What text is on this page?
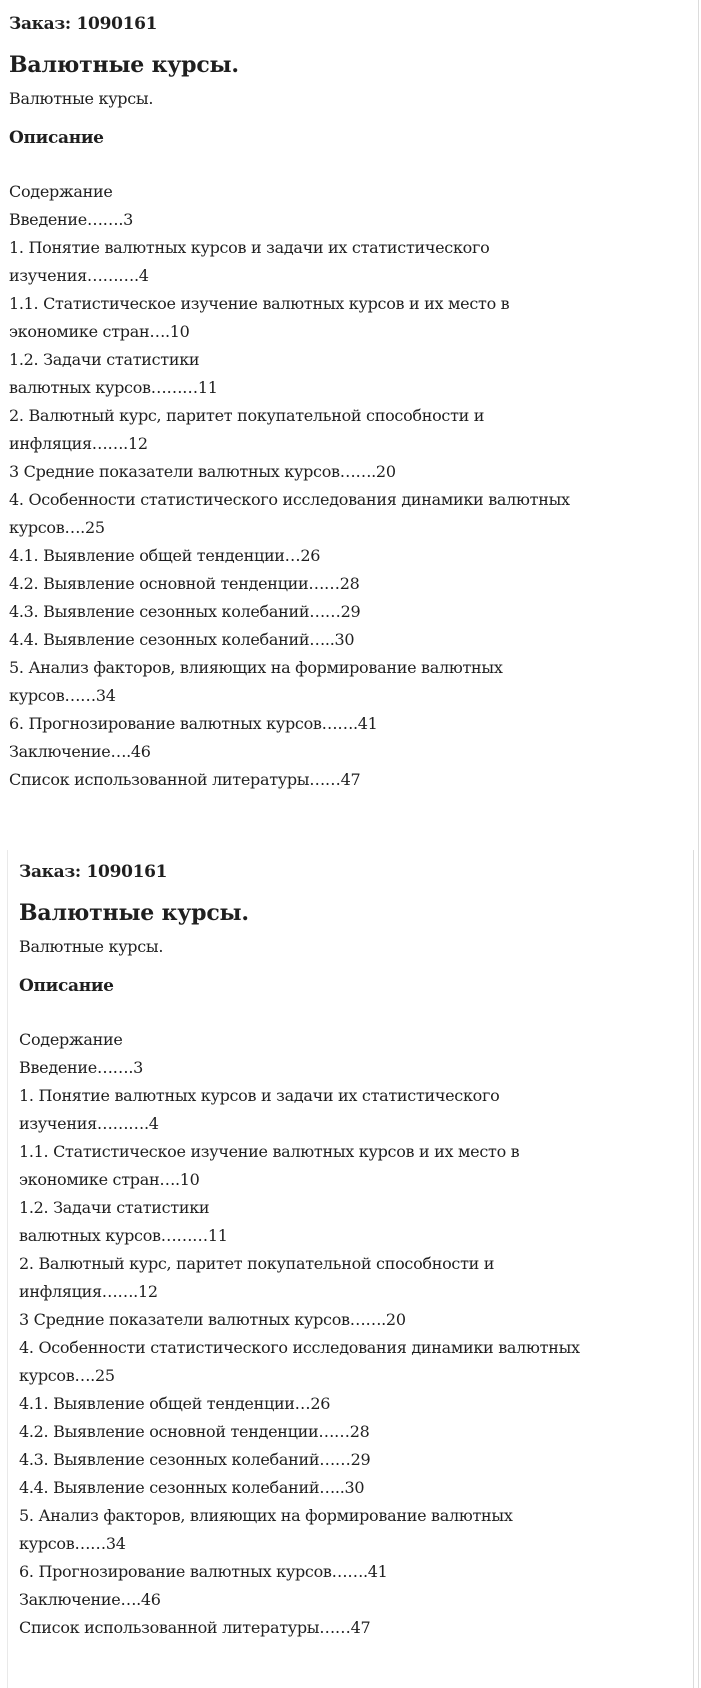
Заказ: 1090161
Валютные курсы.
Валютные курсы.
Описание
Содержание
Введение…….3
1. Понятие валютных курсов и задачи их статистического
изучения……….4
1.1. Статистическое изучение валютных курсов и их место в
экономике стран….10
1.2. Задачи статистики
валютных курсов………11
2. Валютный курс, паритет покупательной способности и
инфляция…….12
3 Средние показатели валютных курсов…….20
4. Особенности статистического исследования динамики валютных
курсов….25
4.1. Выявление общей тенденции…26
4.2. Выявление основной тенденции……28
4.3. Выявление сезонных колебаний……29
4.4. Выявление сезонных колебаний…..30
5. Анализ факторов, влияющих на формирование валютных
курсов……34
6. Прогнозирование валютных курсов…….41
Заключение….46
Список использованной литературы……47
Заказ: 1090161
Валютные курсы.
Валютные курсы.
Описание
Содержание
Введение…….3
1. Понятие валютных курсов и задачи их статистического
изучения……….4
1.1. Статистическое изучение валютных курсов и их место в
экономике стран….10
1.2. Задачи статистики
валютных курсов………11
2. Валютный курс, паритет покупательной способности и
инфляция…….12
3 Средние показатели валютных курсов…….20
4. Особенности статистического исследования динамики валютных
курсов….25
4.1. Выявление общей тенденции…26
4.2. Выявление основной тенденции……28
4.3. Выявление сезонных колебаний……29
4.4. Выявление сезонных колебаний…..30
5. Анализ факторов, влияющих на формирование валютных
курсов……34
6. Прогнозирование валютных курсов…….41
Заключение….46
Список использованной литературы……47
